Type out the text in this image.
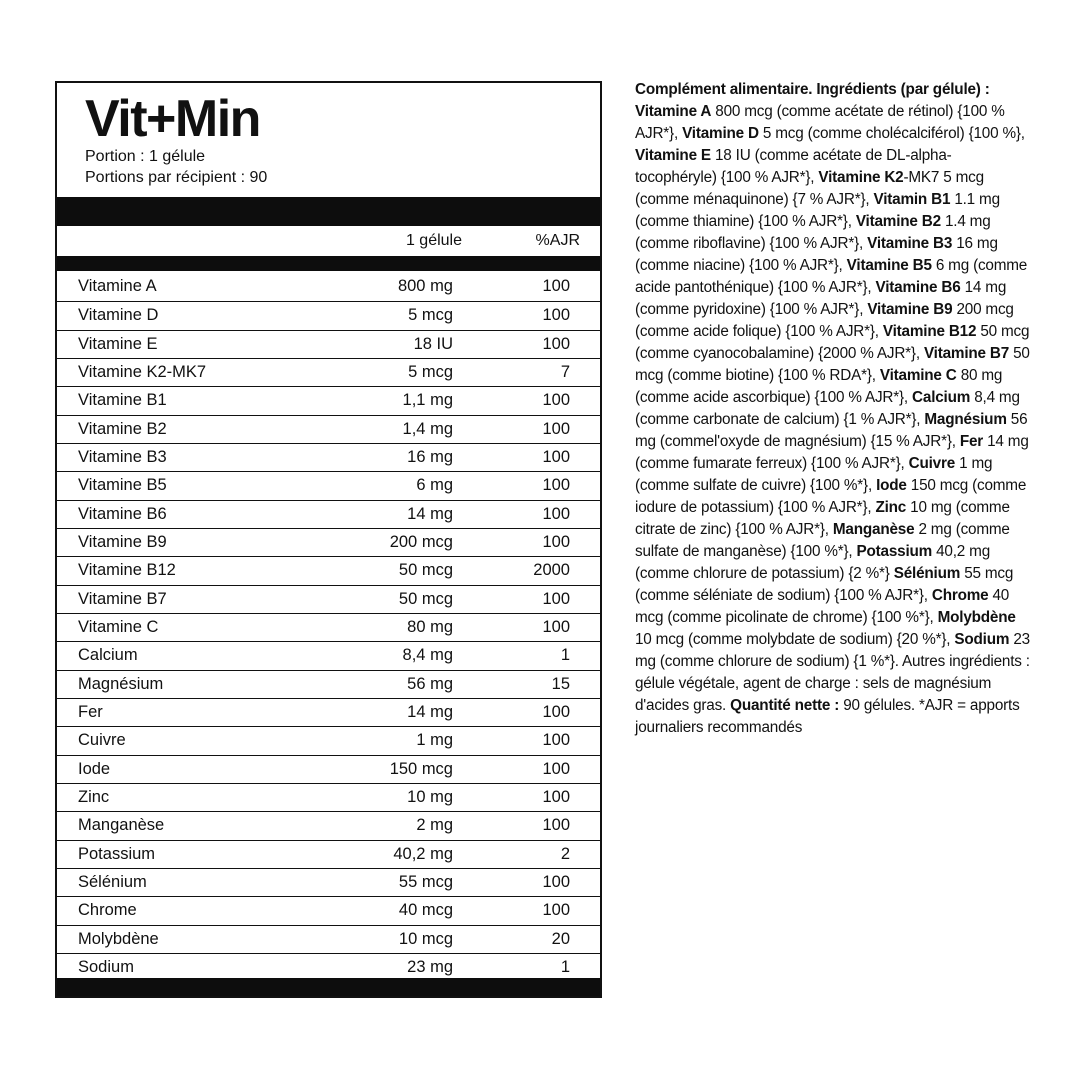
Vit+Min
Portion : 1 gélule
Portions par récipient : 90
1 gélule	%AJR
Vitamine A	800 mg	100
Vitamine D	5 mcg	100
Vitamine E	18 IU	100
Vitamine K2-MK7	5 mcg	7
Vitamine B1	1,1 mg	100
Vitamine B2	1,4 mg	100
Vitamine B3	16 mg	100
Vitamine B5	6 mg	100
Vitamine B6	14 mg	100
Vitamine B9	200 mcg	100
Vitamine B12	50 mcg	2000
Vitamine B7	50 mcg	100
Vitamine C	80 mg	100
Calcium	8,4 mg	1
Magnésium	56 mg	15
Fer	14 mg	100
Cuivre	1 mg	100
Iode	150 mcg	100
Zinc	10 mg	100
Manganèse	2 mg	100
Potassium	40,2 mg	2
Sélénium	55 mcg	100
Chrome	40 mcg	100
Molybdène	10 mcg	20
Sodium	23 mg	1
Complément alimentaire. Ingrédients (par gélule) : Vitamine A 800 mcg (comme acétate de rétinol) {100 % AJR*}, Vitamine D 5 mcg (comme cholécalciférol) {100 %}, Vitamine E 18 IU (comme acétate de DL-alpha-tocophéryle) {100 % AJR*}, Vitamine K2-MK7 5 mcg (comme ménaquinone) {7 % AJR*}, Vitamin B1 1.1 mg (comme thiamine) {100 % AJR*}, Vitamine B2 1.4 mg (comme riboflavine) {100 % AJR*}, Vitamine B3 16 mg (comme niacine) {100 % AJR*}, Vitamine B5 6 mg (comme acide pantothénique) {100 % AJR*}, Vitamine B6 14 mg (comme pyridoxine) {100 % AJR*}, Vitamine B9 200 mcg (comme acide folique) {100 % AJR*}, Vitamine B12 50 mcg (comme cyanocobalamine) {2000 % AJR*}, Vitamine B7 50 mcg (comme biotine) {100 % RDA*}, Vitamine C 80 mg (comme acide ascorbique) {100 % AJR*}, Calcium 8,4 mg (comme carbonate de calcium) {1 % AJR*}, Magnésium 56 mg (commel'oxyde de magnésium) {15 % AJR*}, Fer 14 mg (comme fumarate ferreux) {100 % AJR*}, Cuivre 1 mg (comme sulfate de cuivre) {100 %*}, Iode 150 mcg (comme iodure de potassium) {100 % AJR*}, Zinc 10 mg (comme citrate de zinc) {100 % AJR*}, Manganèse 2 mg (comme sulfate de manganèse) {100 %*}, Potassium 40,2 mg (comme chlorure de potassium) {2 %*} Sélénium 55 mcg (comme séléniate de sodium) {100 % AJR*}, Chrome 40 mcg (comme picolinate de chrome) {100 %*}, Molybdène 10 mcg (comme molybdate de sodium) {20 %*}, Sodium 23 mg (comme chlorure de sodium) {1 %*}. Autres ingrédients : gélule végétale, agent de charge : sels de magnésium d'acides gras. Quantité nette : 90 gélules. *AJR = apports journaliers recommandés
